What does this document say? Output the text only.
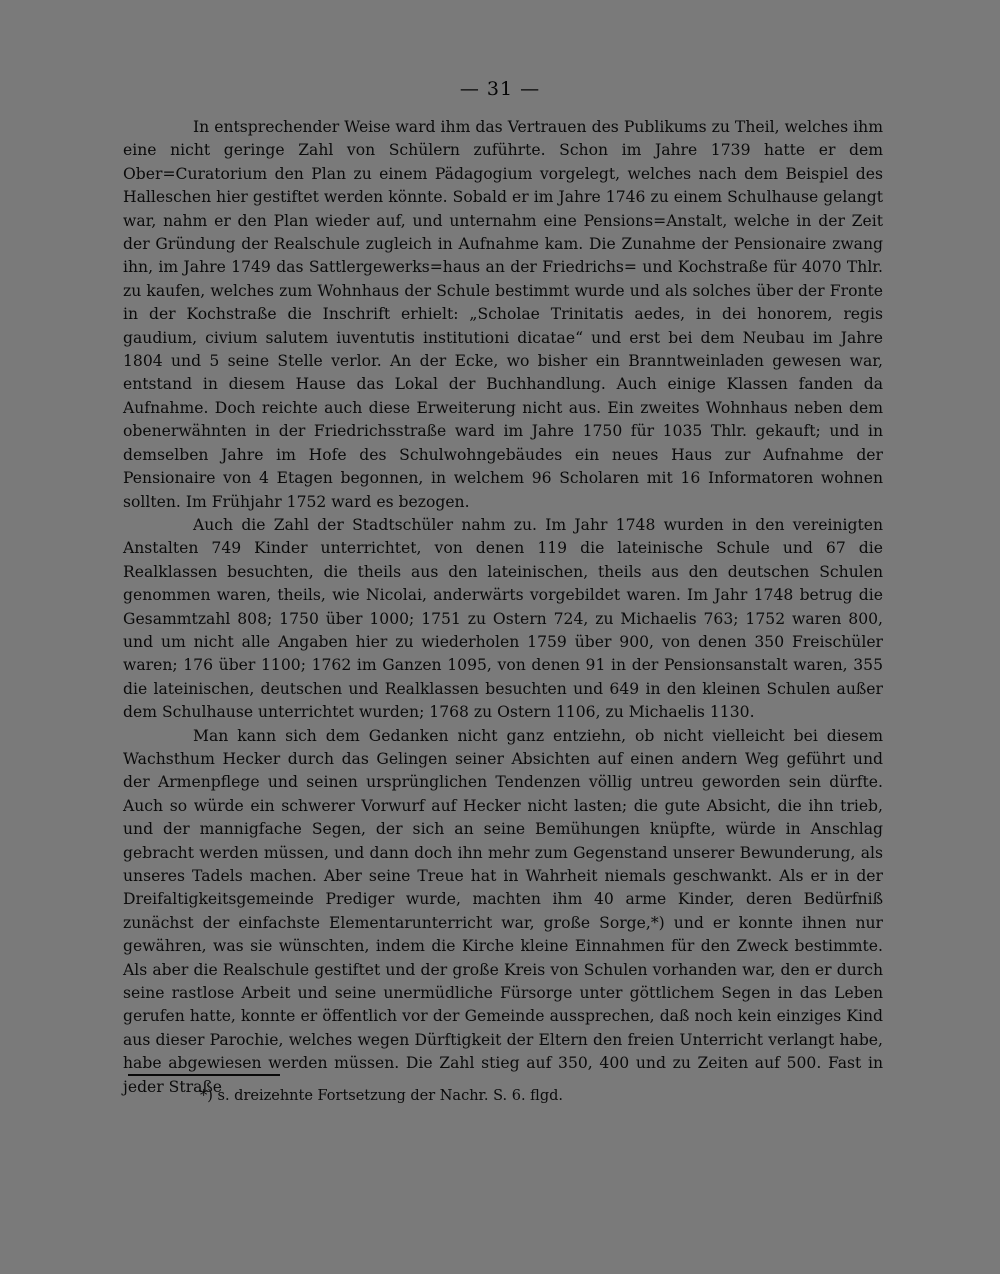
— 31 —

In entsprechender Weise ward ihm das Vertrauen des Publikums zu Theil, welches ihm eine nicht geringe Zahl von Schülern zuführte. Schon im Jahre 1739 hatte er dem Ober=Curatorium den Plan zu einem Pädagogium vorgelegt, welches nach dem Beispiel des Halleschen hier gestiftet werden könnte. Sobald er im Jahre 1746 zu einem Schulhause gelangt war, nahm er den Plan wieder auf, und unternahm eine Pensions=Anstalt, welche in der Zeit der Gründung der Realschule zugleich in Aufnahme kam. Die Zunahme der Pensionaire zwang ihn, im Jahre 1749 das Sattlergewerks=haus an der Friedrichs= und Kochstraße für 4070 Thlr. zu kaufen, welches zum Wohnhaus der Schule bestimmt wurde und als solches über der Fronte in der Kochstraße die Inschrift erhielt: „Scholae Trinitatis aedes, in dei honorem, regis gaudium, civium salutem iuventutis institutioni dicatae“ und erst bei dem Neubau im Jahre 1804 und 5 seine Stelle verlor. An der Ecke, wo bisher ein Branntweinladen gewesen war, entstand in diesem Hause das Lokal der Buchhandlung. Auch einige Klassen fanden da Aufnahme. Doch reichte auch diese Erweiterung nicht aus. Ein zweites Wohnhaus neben dem obenerwähnten in der Friedrichsstraße ward im Jahre 1750 für 1035 Thlr. gekauft; und in demselben Jahre im Hofe des Schulwohngebäudes ein neues Haus zur Aufnahme der Pensionaire von 4 Etagen begonnen, in welchem 96 Scholaren mit 16 Informatoren wohnen sollten. Im Frühjahr 1752 ward es bezogen.

Auch die Zahl der Stadtschüler nahm zu. Im Jahr 1748 wurden in den vereinigten Anstalten 749 Kinder unterrichtet, von denen 119 die lateinische Schule und 67 die Realklassen besuchten, die theils aus den lateinischen, theils aus den deutschen Schulen genommen waren, theils, wie Nicolai, anderwärts vorgebildet waren. Im Jahr 1748 betrug die Gesammtzahl 808; 1750 über 1000; 1751 zu Ostern 724, zu Michaelis 763; 1752 waren 800, und um nicht alle Angaben hier zu wiederholen 1759 über 900, von denen 350 Freischüler waren; 176 über 1100; 1762 im Ganzen 1095, von denen 91 in der Pensionsanstalt waren, 355 die lateinischen, deutschen und Realklassen besuchten und 649 in den kleinen Schulen außer dem Schulhause unterrichtet wurden; 1768 zu Ostern 1106, zu Michaelis 1130.

Man kann sich dem Gedanken nicht ganz entziehn, ob nicht vielleicht bei diesem Wachsthum Hecker durch das Gelingen seiner Absichten auf einen andern Weg geführt und der Armenpflege und seinen ursprünglichen Tendenzen völlig untreu geworden sein dürfte. Auch so würde ein schwerer Vorwurf auf Hecker nicht lasten; die gute Absicht, die ihn trieb, und der mannigfache Segen, der sich an seine Bemühungen knüpfte, würde in Anschlag gebracht werden müssen, und dann doch ihn mehr zum Gegenstand unserer Bewunderung, als unseres Tadels machen. Aber seine Treue hat in Wahrheit niemals geschwankt. Als er in der Dreifaltigkeitsgemeinde Prediger wurde, machten ihm 40 arme Kinder, deren Bedürfniß zunächst der einfachste Elementarunterricht war, große Sorge,*) und er konnte ihnen nur gewähren, was sie wünschten, indem die Kirche kleine Einnahmen für den Zweck bestimmte. Als aber die Realschule gestiftet und der große Kreis von Schulen vorhanden war, den er durch seine rastlose Arbeit und seine unermüdliche Fürsorge unter göttlichem Segen in das Leben gerufen hatte, konnte er öffentlich vor der Gemeinde aussprechen, daß noch kein einziges Kind aus dieser Parochie, welches wegen Dürftigkeit der Eltern den freien Unterricht verlangt habe, habe abgewiesen werden müssen. Die Zahl stieg auf 350, 400 und zu Zeiten auf 500. Fast in jeder Straße

*) s. dreizehnte Fortsetzung der Nachr. S. 6. flgd.
